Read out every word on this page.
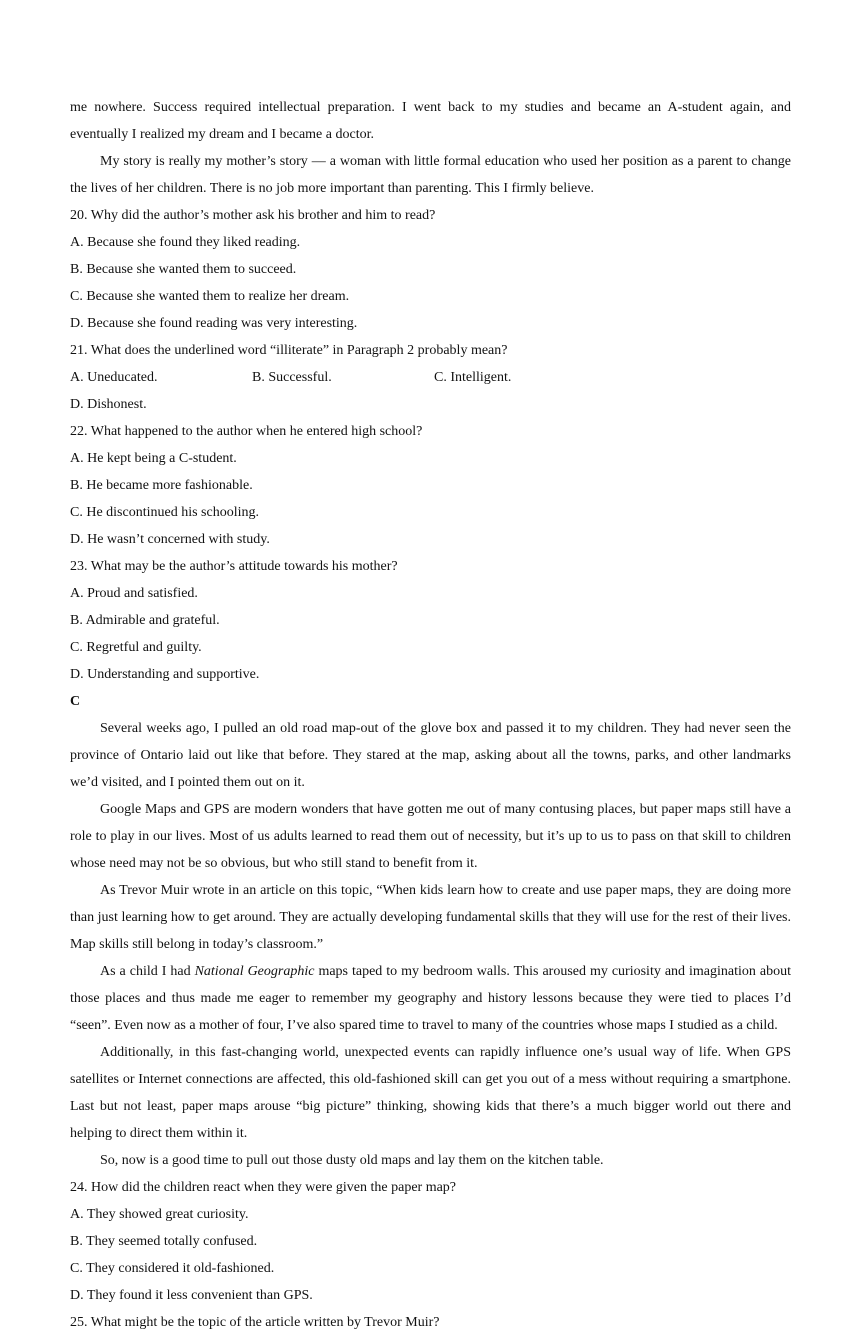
me nowhere. Success required intellectual preparation. I went back to my studies and became an A-student again, and eventually I realized my dream and I became a doctor.

My story is really my mother’s story — a woman with little formal education who used her position as a parent to change the lives of her children. There is no job more important than parenting. This I firmly believe.

20. Why did the author’s mother ask his brother and him to read?

A. Because she found they liked reading.
B. Because she wanted them to succeed.
C. Because she wanted them to realize her dream.
D. Because she found reading was very interesting.

21. What does the underlined word “illiterate” in Paragraph 2 probably mean?

A. Uneducated.	B. Successful.	C. Intelligent.
D. Dishonest.

22. What happened to the author when he entered high school?

A. He kept being a C-student.
B. He became more fashionable.
C. He discontinued his schooling.
D. He wasn’t concerned with study.

23. What may be the author’s attitude towards his mother?

A. Proud and satisfied.
B. Admirable and grateful.
C. Regretful and guilty.
D. Understanding and supportive.

C

Several weeks ago, I pulled an old road map-out of the glove box and passed it to my children. They had never seen the province of Ontario laid out like that before. They stared at the map, asking about all the towns, parks, and other landmarks we’d visited, and I pointed them out on it.

Google Maps and GPS are modern wonders that have gotten me out of many contusing places, but paper maps still have a role to play in our lives. Most of us adults learned to read them out of necessity, but it’s up to us to pass on that skill to children whose need may not be so obvious, but who still stand to benefit from it.

As Trevor Muir wrote in an article on this topic, “When kids learn how to create and use paper maps, they are doing more than just learning how to get around. They are actually developing fundamental skills that they will use for the rest of their lives. Map skills still belong in today’s classroom.”

As a child I had National Geographic maps taped to my bedroom walls. This aroused my curiosity and imagination about those places and thus made me eager to remember my geography and history lessons because they were tied to places I’d “seen”. Even now as a mother of four, I’ve also spared time to travel to many of the countries whose maps I studied as a child.

Additionally, in this fast-changing world, unexpected events can rapidly influence one’s usual way of life. When GPS satellites or Internet connections are affected, this old-fashioned skill can get you out of a mess without requiring a smartphone. Last but not least, paper maps arouse “big picture” thinking, showing kids that there’s a much bigger world out there and helping to direct them within it.

So, now is a good time to pull out those dusty old maps and lay them on the kitchen table.

24. How did the children react when they were given the paper map?

A. They showed great curiosity.
B. They seemed totally confused.
C. They considered it old-fashioned.
D. They found it less convenient than GPS.

25. What might be the topic of the article written by Trevor Muir?
